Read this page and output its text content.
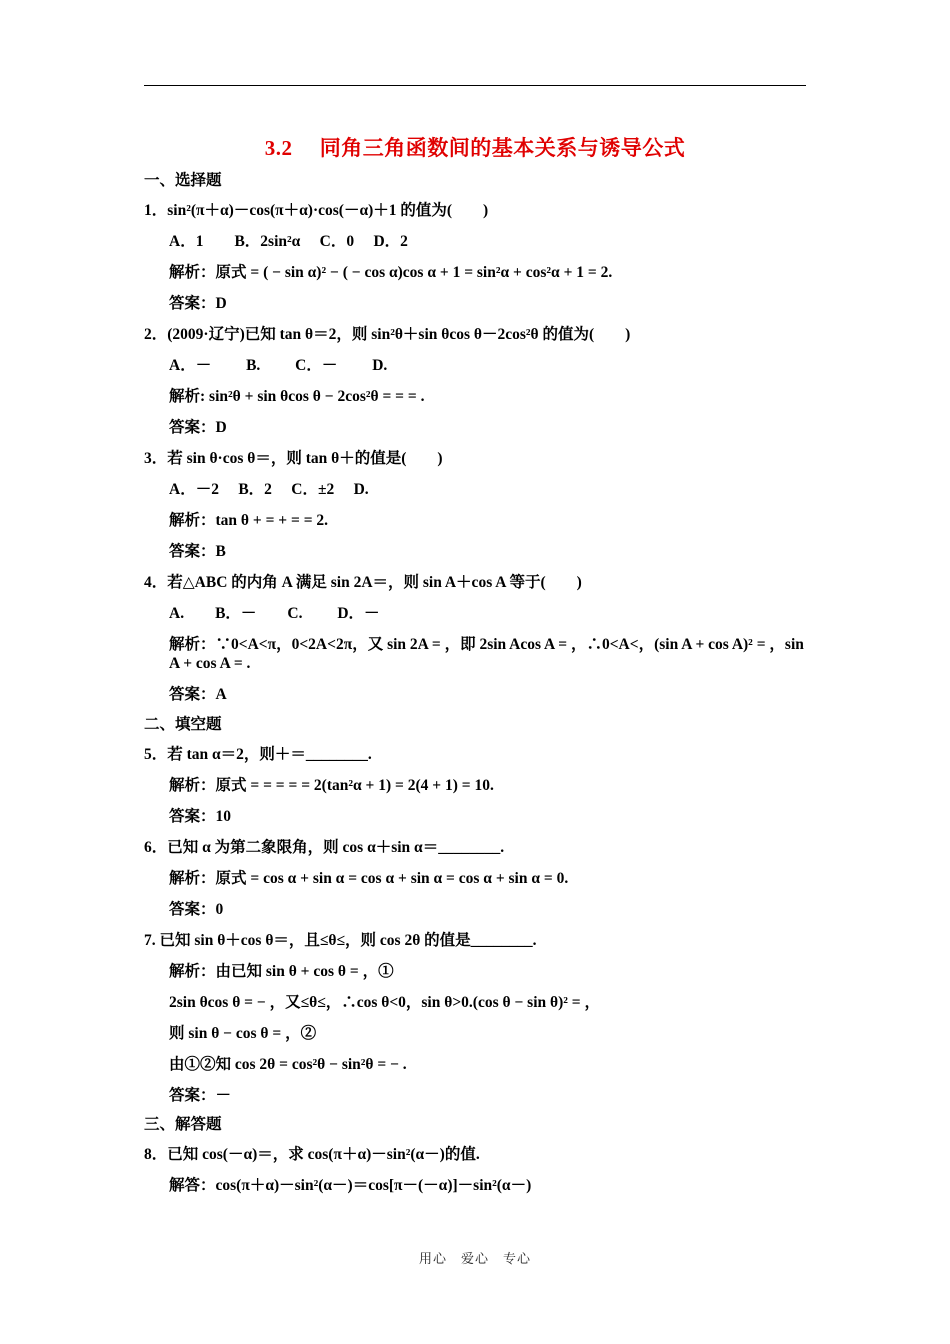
3.2　 同角三角函数间的基本关系与诱导公式
一、选择题
1．sin²(π＋α)－cos(π＋α)·cos(－α)＋1 的值为(　　)
A．1　　B．2sin²α　 C．0　 D．2
解析：原式 = ( − sin α)² − ( − cos α)cos α + 1 = sin²α + cos²α + 1 = 2.
答案：D
2．(2009·辽宁)已知 tan θ＝2，则 sin²θ＋sin θcos θ－2cos²θ 的值为(　　)
A．－　　 B.　　 C．－　　 D.
解析: sin²θ + sin θcos θ − 2cos²θ = = = .
答案：D
3．若 sin θ·cos θ＝，则 tan θ＋的值是(　　)
A．－2　 B．2　 C．±2　 D.
解析：tan θ + = + = = 2.
答案：B
4．若△ABC 的内角 A 满足 sin 2A＝，则 sin A＋cos A 等于(　　)
A.　　B．－　　C.　　 D．－
解析：∵0<A<π，0<2A<2π，又 sin 2A = ，即 2sin Acos A = ，∴0<A<，(sin A + cos A)² = ，sin A + cos A = .
答案：A
二、填空题
5．若 tan α＝2，则＋＝________.
解析：原式 = = = = = 2(tan²α + 1) = 2(4 + 1) = 10.
答案：10
6．已知 α 为第二象限角，则 cos α＋sin α＝________.
解析：原式 = cos α + sin α = cos α + sin α = cos α + sin α = 0.
答案：0
7. 已知 sin θ＋cos θ＝，且≤θ≤，则 cos 2θ 的值是________.
解析：由已知 sin θ + cos θ = ，①
2sin θcos θ = − ，又≤θ≤，∴cos θ<0，sin θ>0.(cos θ − sin θ)² = ，
则 sin θ − cos θ = ，②
由①②知 cos 2θ = cos²θ − sin²θ = − .
答案：－
三、解答题
8．已知 cos(－α)＝，求 cos(π＋α)－sin²(α－)的值.
解答：cos(π＋α)－sin²(α－)＝cos[π－(－α)]－sin²(α－)
用心　爱心　专心
